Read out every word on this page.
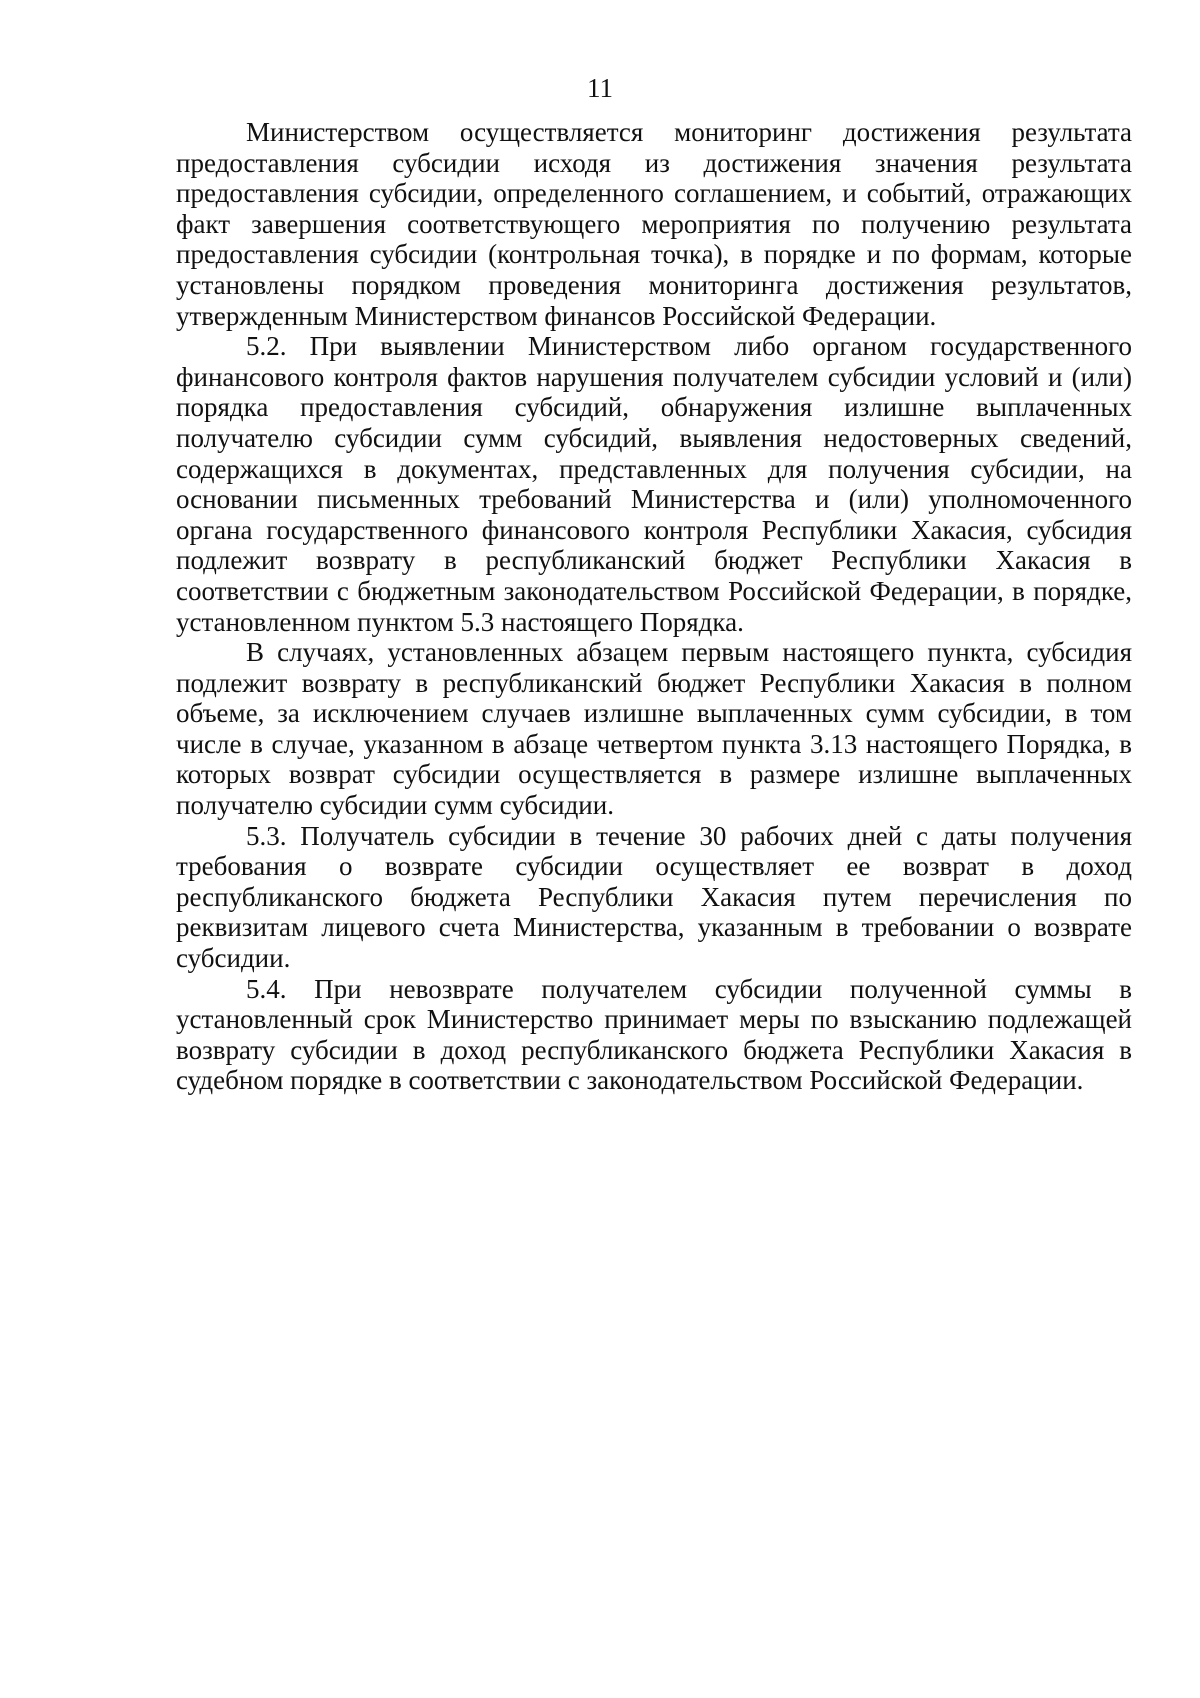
11

Министерством осуществляется мониторинг достижения результата предоставления субсидии исходя из достижения значения результата предоставления субсидии, определенного соглашением, и событий, отражающих факт завершения соответствующего мероприятия по получению результата предоставления субсидии (контрольная точка), в порядке и по формам, которые установлены порядком проведения мониторинга достижения результатов, утвержденным Министерством финансов Российской Федерации.

5.2. При выявлении Министерством либо органом государственного финансового контроля фактов нарушения получателем субсидии условий и (или) порядка предоставления субсидий, обнаружения излишне выплаченных получателю субсидии сумм субсидий, выявления недостоверных сведений, содержащихся в документах, представленных для получения субсидии, на основании письменных требований Министерства и (или) уполномоченного органа государственного финансового контроля Республики Хакасия, субсидия подлежит возврату в республиканский бюджет Республики Хакасия в соответствии с бюджетным законодательством Российской Федерации, в порядке, установленном пунктом 5.3 настоящего Порядка.

В случаях, установленных абзацем первым настоящего пункта, субсидия подлежит возврату в республиканский бюджет Республики Хакасия в полном объеме, за исключением случаев излишне выплаченных сумм субсидии, в том числе в случае, указанном в абзаце четвертом пункта 3.13 настоящего Порядка, в которых возврат субсидии осуществляется в размере излишне выплаченных получателю субсидии сумм субсидии.

5.3. Получатель субсидии в течение 30 рабочих дней с даты получения требования о возврате субсидии осуществляет ее возврат в доход республиканского бюджета Республики Хакасия путем перечисления по реквизитам лицевого счета Министерства, указанным в требовании о возврате субсидии.

5.4. При невозврате получателем субсидии полученной суммы в установленный срок Министерство принимает меры по взысканию подлежащей возврату субсидии в доход республиканского бюджета Республики Хакасия в судебном порядке в соответствии с законодательством Российской Федерации.
